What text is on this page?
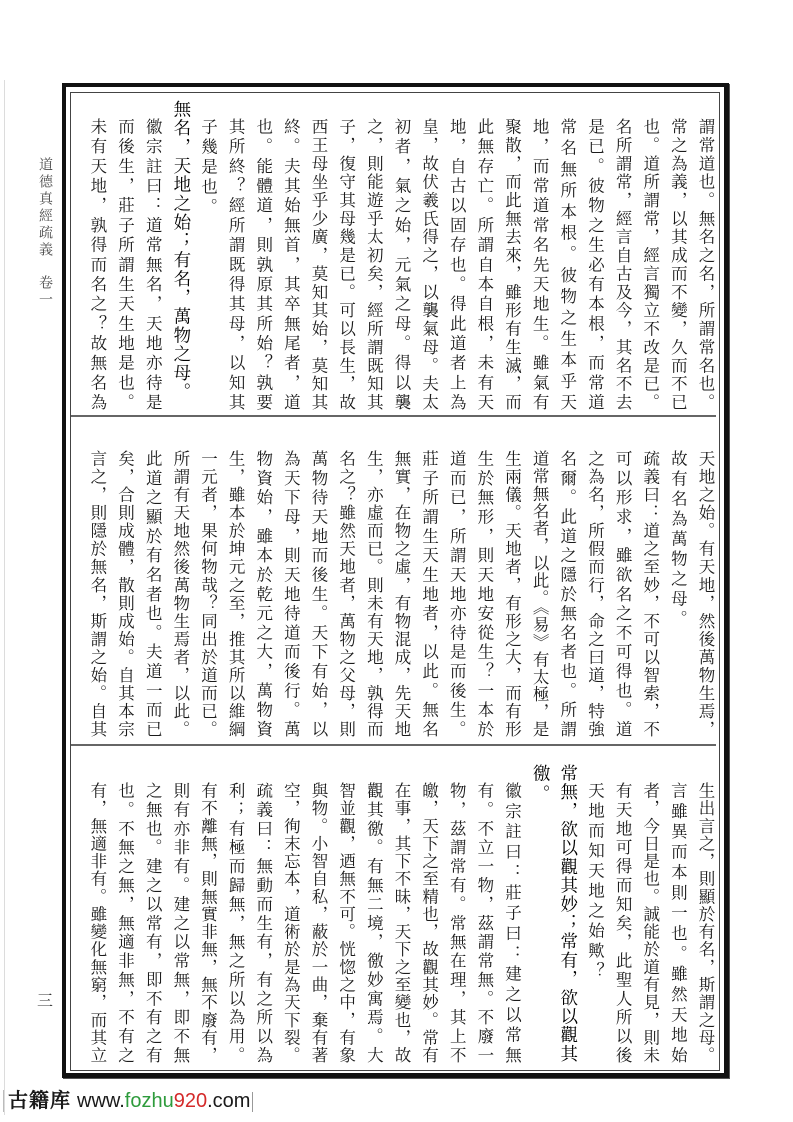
道德真經疏義卷一
三
謂常道也。無名之名，所謂常名也。
常之為義，以其成而不變，久而不已
也。道所謂常，經言獨立不改是已。
名所謂常，經言自古及今，其名不去
是已。彼物之生必有本根，而常道
常名無所本根。彼物之生本乎天
地，而常道常名先天地生。雖氣有
聚散，而此無去來，雖形有生滅，而
此無存亡。所謂自本自根，未有天
地，自古以固存也。得此道者上為
皇，故伏羲氏得之，以襲氣母。夫太
初者，氣之始，元氣之母。得以襲
之，則能遊乎太初矣，經所謂既知其
子，復守其母幾是已。可以長生，故
西王母坐乎少廣，莫知其始，莫知其
終。夫其始無首，其卒無尾者，道
也。能體道，則孰原其所始？孰要
其所終？經所謂既得其母，以知其
子幾是也。
無名，天地之始；有名，萬物之母。
徽宗註曰：道常無名，天地亦待是
而後生，莊子所謂生天生地是也。
未有天地，孰得而名之？故無名為
天地之始。有天地，然後萬物生焉，
故有名為萬物之母。
疏義曰：道之至妙，不可以智索，不
可以形求，雖欲名之不可得也。道
之為名，所假而行，命之曰道，特強
名爾。此道之隱於無名者也。所謂
道常無名者，以此。《易》有太極，是
生兩儀。天地者，有形之大，而有形
生於無形，則天地安從生？一本於
道而已，所謂天地亦待是而後生。
莊子所謂生天生地者，以此。無名
無實，在物之虛，有物混成，先天地
生，亦虛而已。則未有天地，孰得而
名之？雖然天地者，萬物之父母，則
萬物待天地而後生。天下有始，以
為天下母，則天地待道而後行。萬
物資始，雖本於乾元之大，萬物資
生，雖本於坤元之至，推其所以維綱
一元者，果何物哉？同出於道而已。
所謂有天地然後萬物生焉者，以此。
此道之顯於有名者也。夫道一而已
矣，合則成體，散則成始。自其本宗
言之，則隱於無名，斯謂之始。自其
生出言之，則顯於有名，斯謂之母。
言雖異而本則一也。雖然天地始
者，今日是也。誠能於道有見，則未
有天地可得而知矣，此聖人所以後
天地而知天地之始歟？
常無，欲以觀其妙；常有，欲以觀其
徼。
徽宗註曰：莊子曰：建之以常無
有。不立一物，茲謂常無。不廢一
物，茲謂常有。常無在理，其上不
皦，天下之至精也，故觀其妙。常有
在事，其下不昧，天下之至變也，故
觀其徼。有無二境，徼妙寓焉。大
智並觀，迺無不可。恍惚之中，有象
與物。小智自私，蔽於一曲，棄有著
空，徇末忘本，道術於是為天下裂。
疏義曰：無動而生有，有之所以為
利；有極而歸無，無之所以為用。
有不離無，則無實非無，無不廢有，
則有亦非有。建之以常無，即不無
之無也。建之以常有，即不有之有
也。不無之無，無適非無，不有之
有，無適非有。雖變化無窮，而其立
古籍库 www.fozhu920.com
